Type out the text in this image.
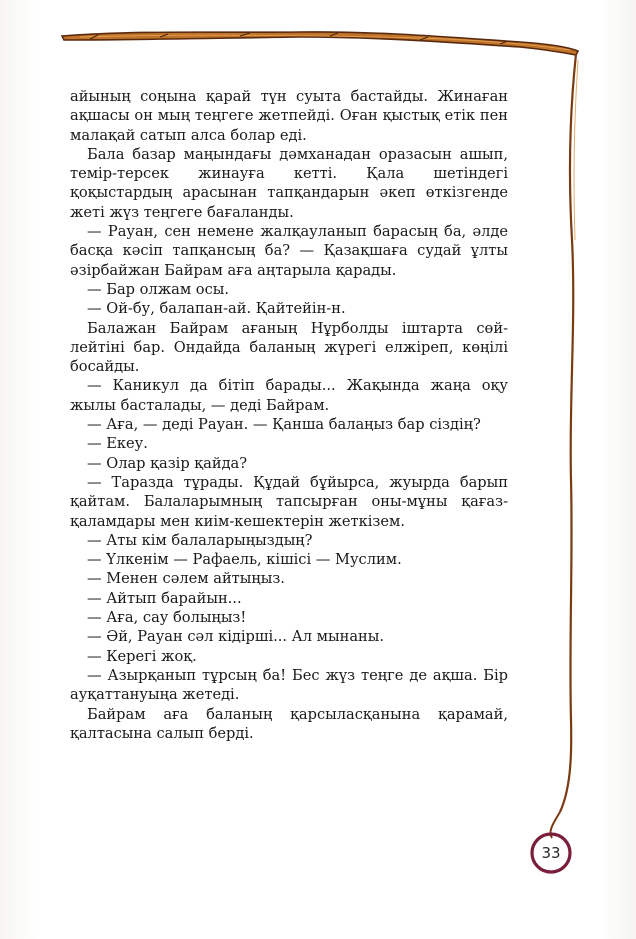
айының соңына қарай түн суыта бастайды. Жинаған ақшасы он мың теңгеге жетпейді. Оған қыстық етік пен малақай сатып алса болар еді.

Бала базар маңындағы дәмханадан оразасын ашып, темір-терсек жинауға кетті. Қала шетіндегі қоқыстардың арасынан тапқандарын әкеп өткізгенде жеті жүз теңгеге бағаланды.

— Рауан, сен немене жалқауланып барасың ба, әлде басқа кәсіп тапқансың ба? — Қазақшаға судай ұлты әзірбайжан Байрам аға аңтарыла қарады.

— Бар олжам осы.

— Ой-бу, балапан-ай. Қайтейін-н.

Балажан Байрам ағаның Нұрболды іштарта сөй-лейтіні бар. Ондайда баланың жүрегі елжіреп, көңілі босайды.

— Каникул да бітіп барады... Жақында жаңа оқу жылы басталады, — деді Байрам.

— Аға, — деді Рауан. — Қанша балаңыз бар сіздің?

— Екеу.

— Олар қазір қайда?

— Таразда тұрады. Құдай бұйырса, жуырда барып қайтам. Балаларымның тапсырған оны-мұны қағаз-қаламдары мен киім-кешектерін жеткізем.

— Аты кім балаларыңыздың?

— Үлкенім — Рафаель, кішісі — Муслим.

— Менен сәлем айтыңыз.

— Айтып барайын...

— Аға, сау болыңыз!

— Әй, Рауан сәл кідірші... Ал мынаны.

— Керегі жоқ.

— Азырқанып тұрсың ба! Бес жүз теңге де ақша. Бір ауқаттануыңа жетеді.

Байрам аға баланың қарсыласқанына қарамай, қалтасына салып берді.

33
